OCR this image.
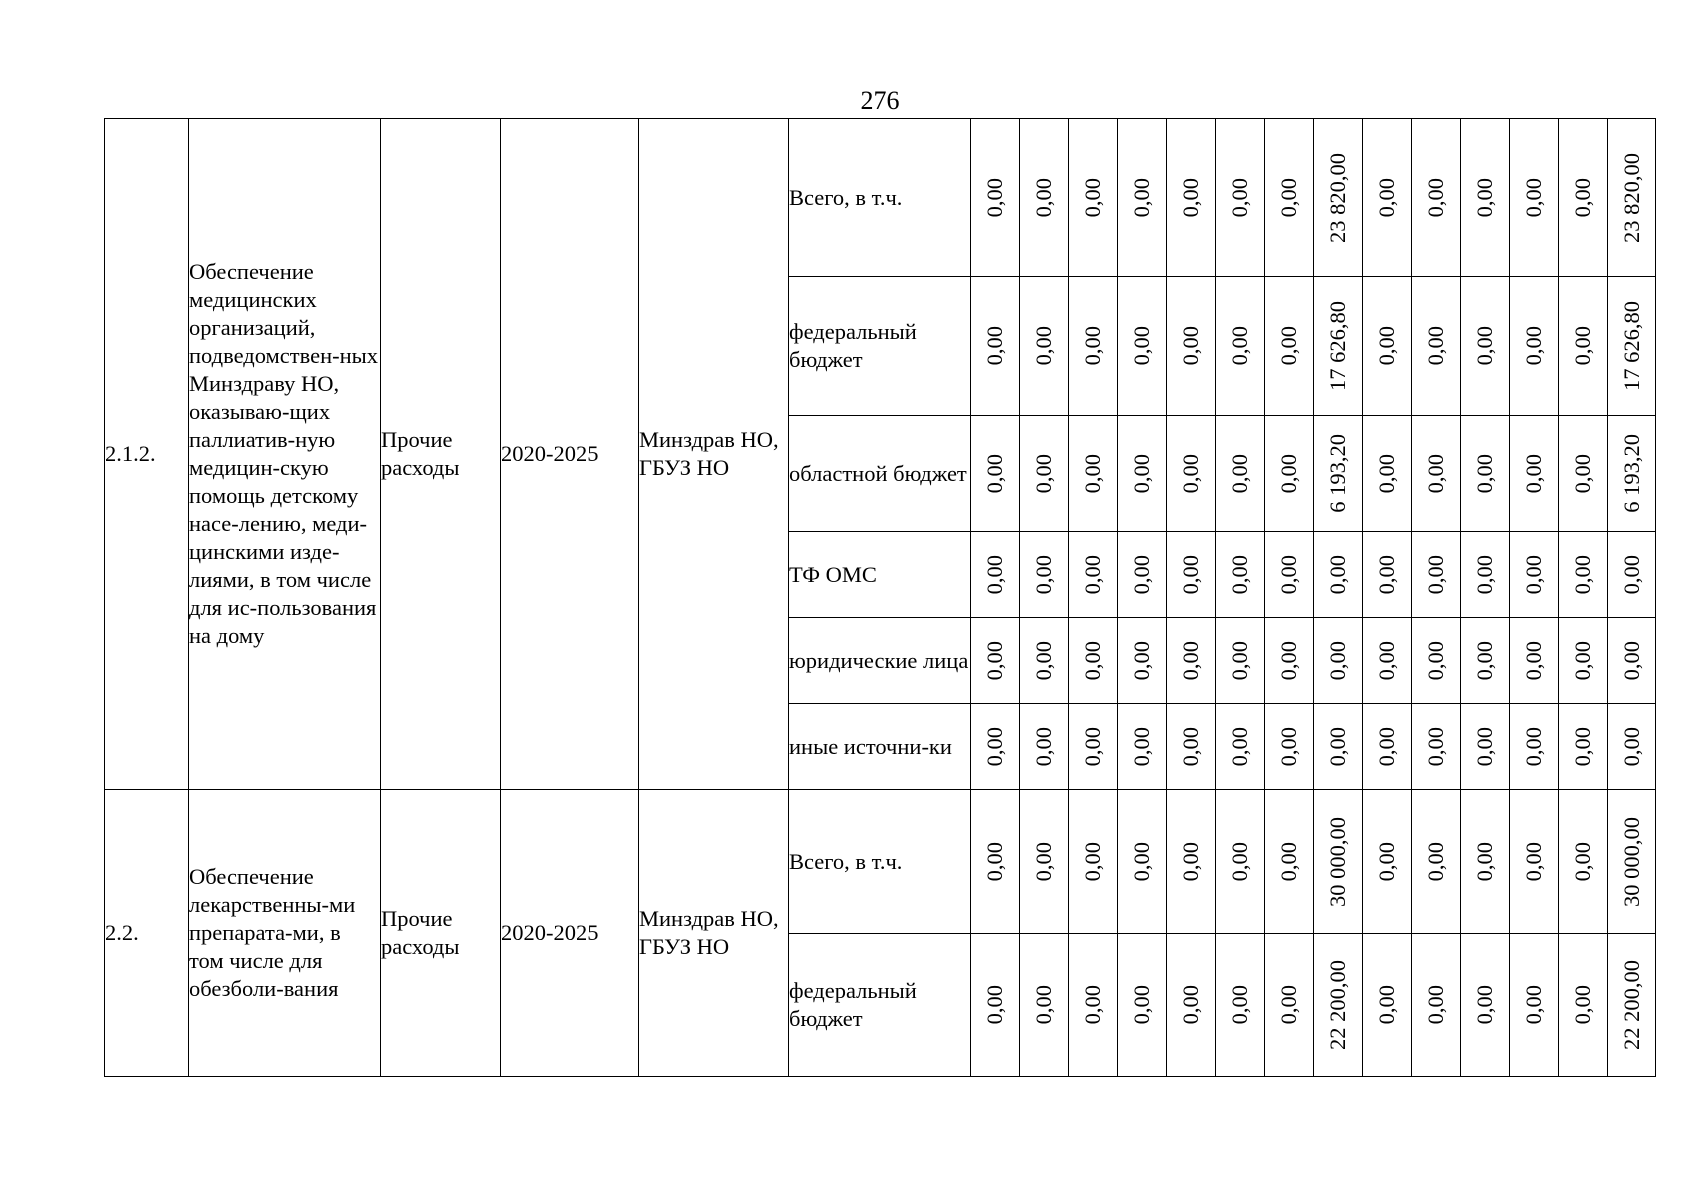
276
2.1.2.	Обеспечение медицинских организаций, подведомствен-ных Минздраву НО, оказываю-щих паллиатив-ную медицин-скую помощь детскому насе-лению, меди-цинскими изде-лиями, в том числе для ис-пользования на дому	Прочие расходы	2020-2025	Минздрав НО, ГБУЗ НО	Всего, в т.ч.	0,00	0,00	0,00	0,00	0,00	0,00	0,00	23 820,00	0,00	0,00	0,00	0,00	0,00	23 820,00

					федеральный бюджет	0,00	0,00	0,00	0,00	0,00	0,00	0,00	17 626,80	0,00	0,00	0,00	0,00	0,00	17 626,80

					областной бюджет	0,00	0,00	0,00	0,00	0,00	0,00	0,00	6 193,20	0,00	0,00	0,00	0,00	0,00	6 193,20

					ТФ ОМС	0,00	0,00	0,00	0,00	0,00	0,00	0,00	0,00	0,00	0,00	0,00	0,00	0,00	0,00

					юридические лица	0,00	0,00	0,00	0,00	0,00	0,00	0,00	0,00	0,00	0,00	0,00	0,00	0,00	0,00

					иные источни-ки	0,00	0,00	0,00	0,00	0,00	0,00	0,00	0,00	0,00	0,00	0,00	0,00	0,00	0,00

2.2.	Обеспечение лекарственны-ми препарата-ми, в том числе для обезболи-вания	Прочие расходы	2020-2025	Минздрав НО, ГБУЗ НО	Всего, в т.ч.	0,00	0,00	0,00	0,00	0,00	0,00	0,00	30 000,00	0,00	0,00	0,00	0,00	0,00	30 000,00

					федеральный бюджет	0,00	0,00	0,00	0,00	0,00	0,00	0,00	22 200,00	0,00	0,00	0,00	0,00	0,00	22 200,00
